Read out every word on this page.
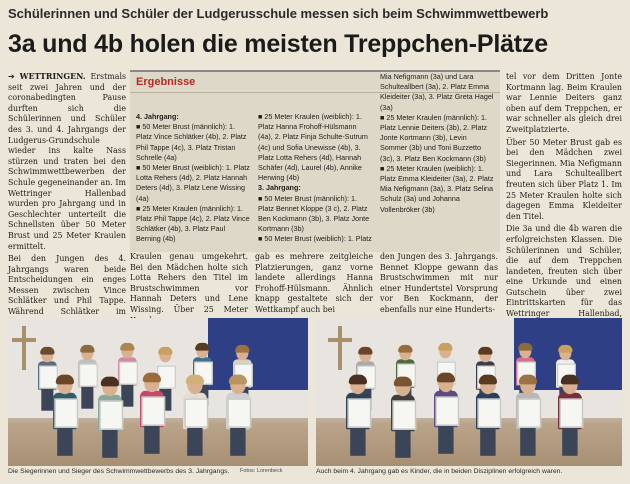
Schülerinnen und Schüler der Ludgerusschule messen sich beim Schwimmwettbewerb
3a und 4b holen die meisten Treppchen-Plätze

➔ WETTRINGEN. Erstmals seit zwei Jahren und der coronabedingten Pause durften sich die Schülerinnen und Schüler des 3. und 4. Jahrgangs der Ludgerus-Grundschule wieder ins kalte Nass stürzen und traten bei den Schwimmwettbewerben der Schule gegeneinander an. Im Wettringer Hallenbad wurden pro Jahrgang und in Geschlechter unterteilt die Schnellsten über 50 Meter Brust und 25 Meter Kraulen ermittelt.

Bei den Jungen des 4. Jahrgangs waren beide Entscheidungen ein enges Messen zwischen Vince Schlätker und Phil Tappe. Während Schlätker im

Ergebnisse

4. Jahrgang:

■ 50 Meter Brust (männlich): 1. Platz Vince Schlätker (4b), 2. Platz Phil Tappe (4c), 3. Platz Tristan Schrelle (4a)

■ 50 Meter Brust (weiblich): 1. Platz Lotta Rehers (4d), 2. Platz Hannah Deters (4d), 3. Platz Lene Wissing (4a)

■ 25 Meter Kraulen (männlich): 1. Platz Phil Tappe (4c), 2. Platz Vince Schlätker (4b), 3. Platz Paul Berning (4b)

■ 25 Meter Kraulen (weiblich): 1. Platz Hanna Frohoff-Hülsmann (4a), 2. Platz Finja Schulte-Sutrum (4c) und Sofia Unewisse (4b), 3. Platz Lotta Rehers (4d), Hannah Schäfer (4d), Laurel (4b), Annike Herwing (4b)

3. Jahrgang:

■ 50 Meter Brust (männlich): 1. Platz Bennet Kloppe (3 c), 2. Platz Ben Kockmann (3b), 3. Platz Jonte Kortmann (3b)

■ 50 Meter Brust (weiblich): 1. Platz

Mia Nefigmann (3a) und Lara Schulteallbert (3a), 2. Platz Emma Kleideiter (3a), 3. Platz Greta Hagel (3a)

■ 25 Meter Kraulen (männlich): 1. Platz Lennie Deiters (3b), 2. Platz Jonte Kortmann (3b), Levin Sommer (3b) und Toni Buzzetto (3c), 3. Platz Ben Kockmann (3b)

■ 25 Meter Kraulen (weiblich): 1. Platz Emma Kleideiter (3a), 2. Platz Mia Nefigmann (3a), 3. Platz Selina Schulz (3a) und Johanna Vollenbröker (3b)

Kraulen genau umgekehrt. Bei den Mädchen holte sich Lotta Rehers den Titel im Brustschwimmen vor Hannah Deters und Lene Wissing. Über 25 Meter

gab es mehrere zeitgleiche Platzierungen, ganz vorne landete allerdings Hanna Frohoff-Hülsmann. Ähnlich knapp gestaltete sich der Wettkampf auch bei

den Jungen des 3. Jahrgangs. Bennet Kloppe gewann das Brustschwimmen mit nur einer Hundertstel Vorsprung vor Ben Kockmann, der ebenfalls nur eine Hunderts-

tel vor dem Dritten Jonte Kortmann lag. Beim Kraulen war Lennie Deiters ganz oben auf dem Treppchen, er war schneller als gleich drei Zweitplatzierte.

Über 50 Meter Brust gab es bei den Mädchen zwei Siegerinnen. Mia Nefigmann und Lara Schulteallbert freuten sich über Platz 1. Im 25 Meter Kraulen holte sich dagegen Emma Kleideiter den Titel.

Die 3a und die 4b waren die erfolgreichsten Klassen. Die Schülerinnen und Schüler, die auf dem Treppchen landeten, freuten sich über eine Urkunde und einen Gutschein über zwei Eintrittskarten für das Wettringer Hallenbad,

Die Siegerinnen und Sieger des Schwimmwettbewerbs des 3. Jahrgangs.	Fotos: Lorenbeck	Auch beim 4. Jahrgang gab es Kinder, die in beiden Disziplinen erfolgreich waren.
